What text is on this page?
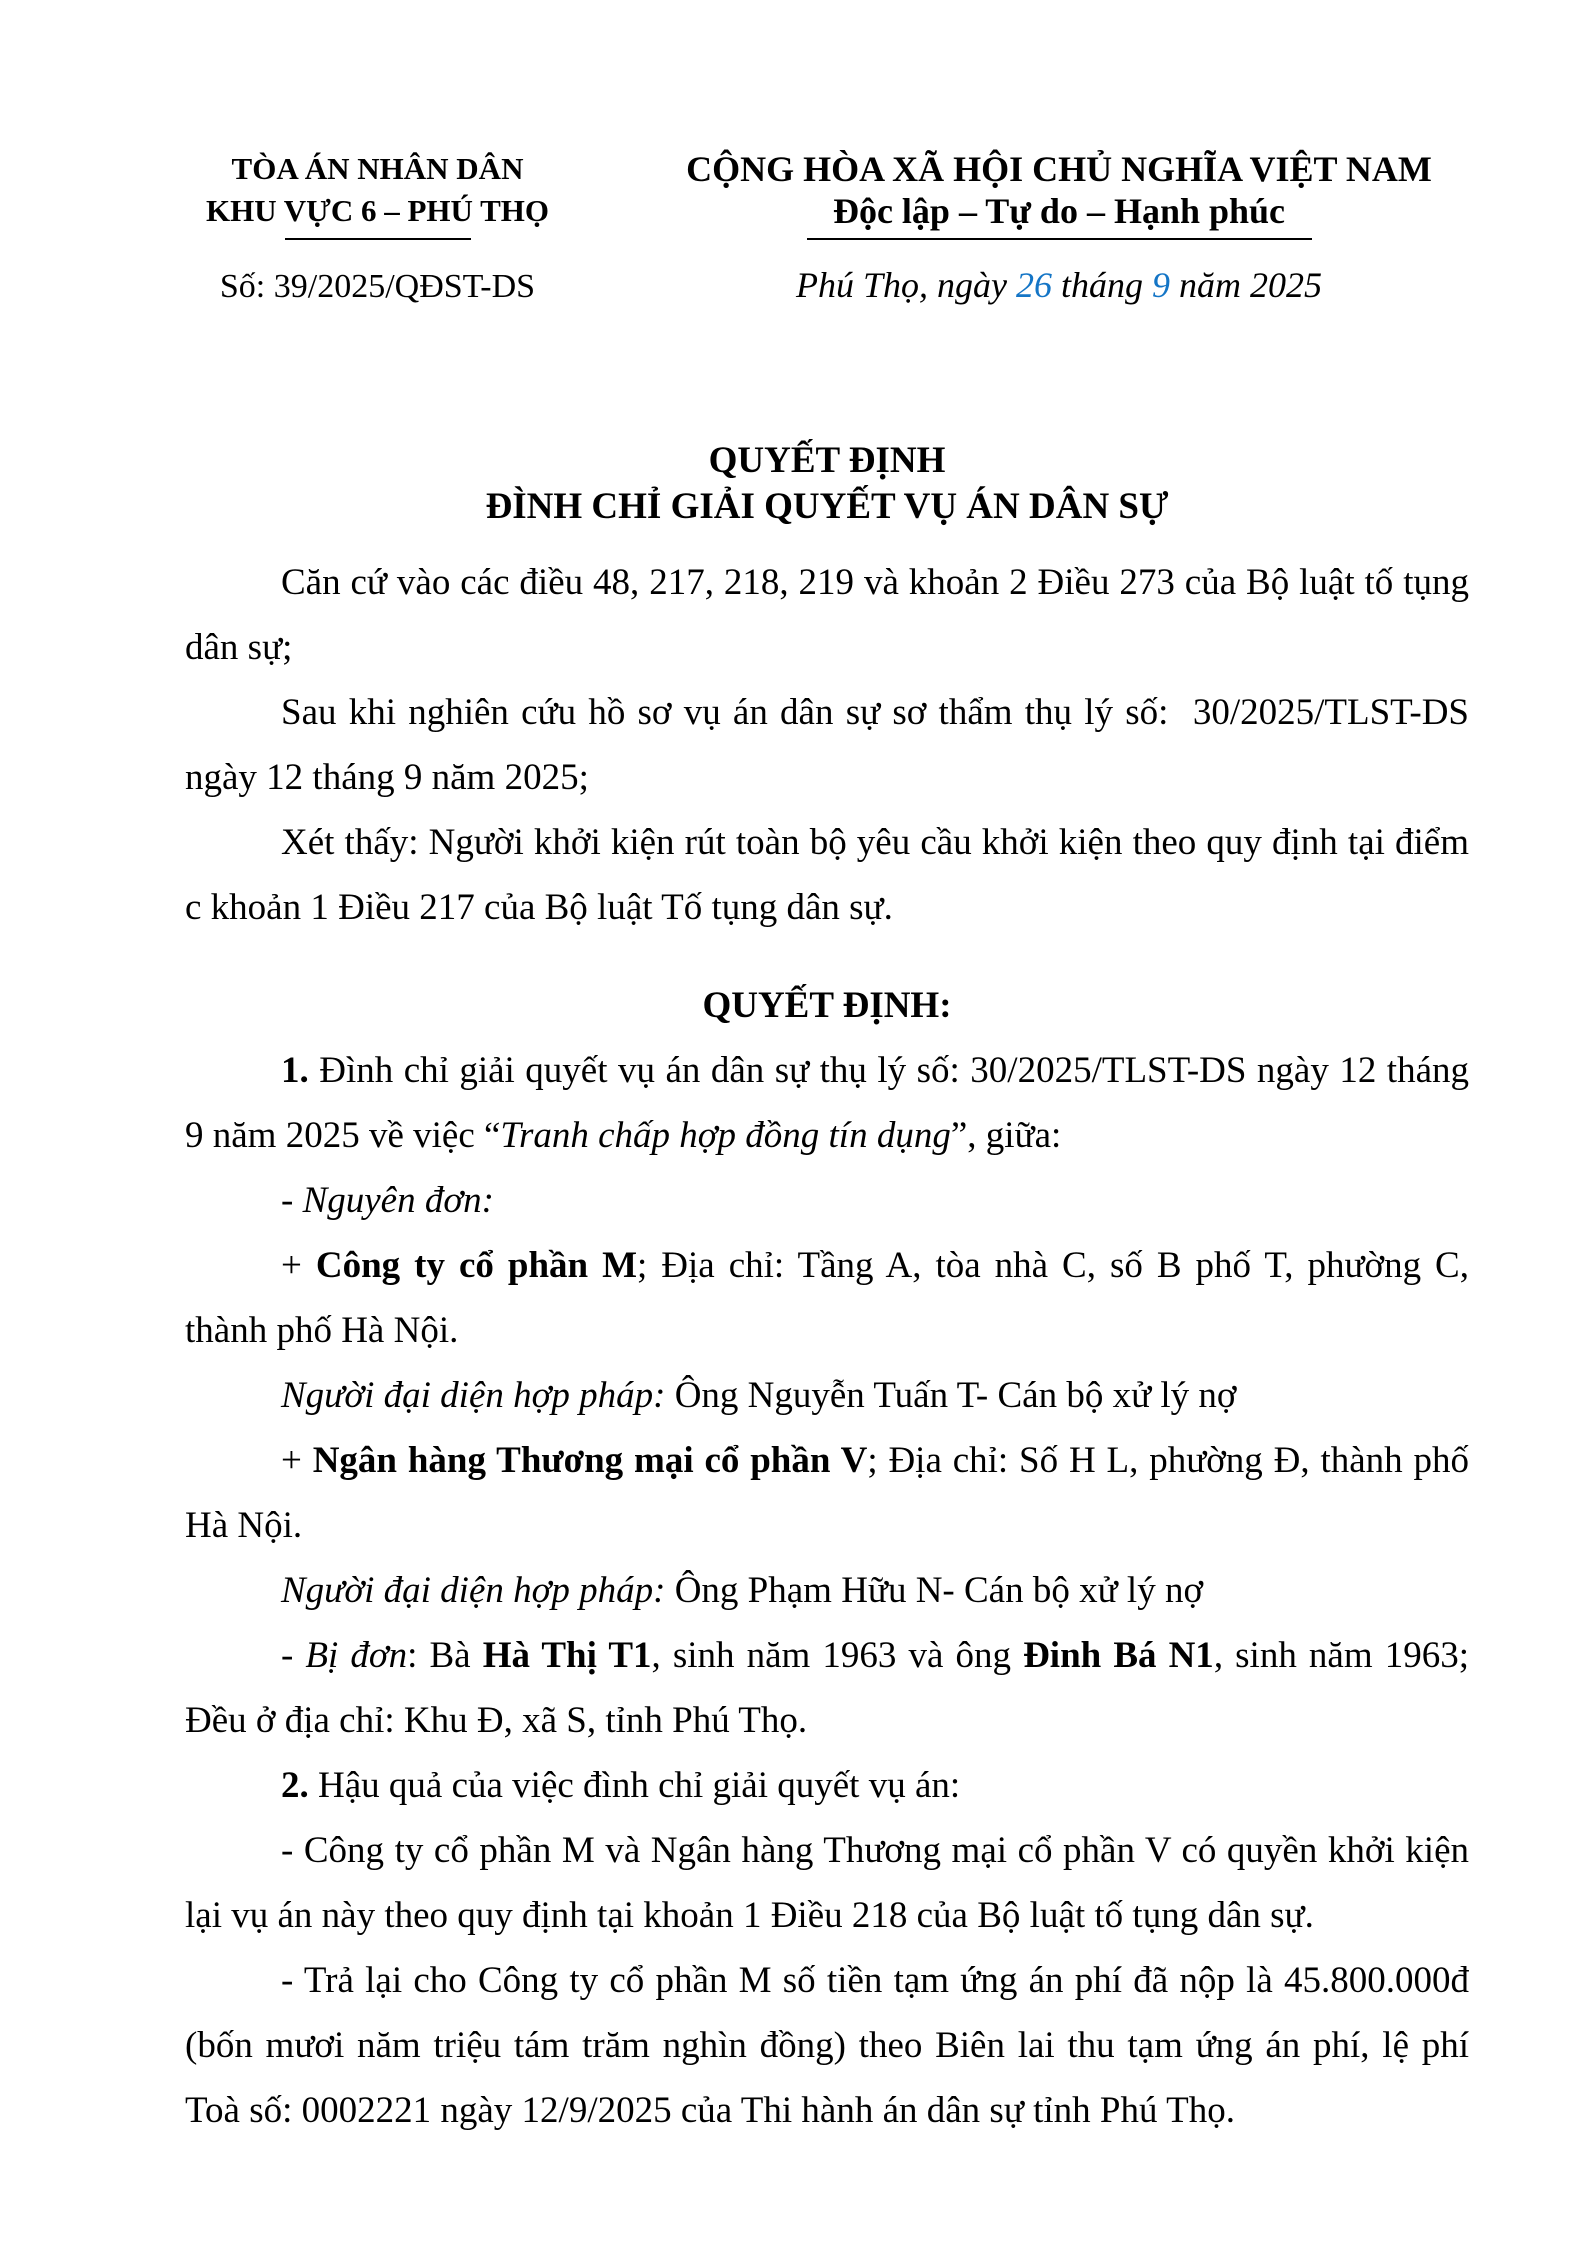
TÒA ÁN NHÂN DÂN
KHU VỰC 6 – PHÚ THỌ
Số: 39/2025/QĐST-DS
CỘNG HÒA XÃ HỘI CHỦ NGHĨA VIỆT NAM
Độc lập – Tự do – Hạnh phúc
Phú Thọ, ngày 26 tháng 9 năm 2025
QUYẾT ĐỊNH
ĐÌNH CHỈ GIẢI QUYẾT VỤ ÁN DÂN SỰ

Căn cứ vào các điều 48, 217, 218, 219 và khoản 2 Điều 273 của Bộ luật tố tụng dân sự;

Sau khi nghiên cứu hồ sơ vụ án dân sự sơ thẩm thụ lý số:  30/2025/TLST-DS ngày 12 tháng 9 năm 2025;

Xét thấy: Người khởi kiện rút toàn bộ yêu cầu khởi kiện theo quy định tại điểm c khoản 1 Điều 217 của Bộ luật Tố tụng dân sự.

QUYẾT ĐỊNH:

1. Đình chỉ giải quyết vụ án dân sự thụ lý số: 30/2025/TLST-DS ngày 12 tháng 9 năm 2025 về việc “Tranh chấp hợp đồng tín dụng”, giữa:

- Nguyên đơn:

+ Công ty cổ phần M; Địa chỉ: Tầng A, tòa nhà C, số B phố T, phường C, thành phố Hà Nội.

Người đại diện hợp pháp: Ông Nguyễn Tuấn T- Cán bộ xử lý nợ

+ Ngân hàng Thương mại cổ phần V; Địa chỉ: Số H L, phường Đ, thành phố Hà Nội.

Người đại diện hợp pháp: Ông Phạm Hữu N- Cán bộ xử lý nợ

- Bị đơn: Bà Hà Thị T1, sinh năm 1963 và ông Đinh Bá N1, sinh năm 1963; Đều ở địa chỉ: Khu Đ, xã S, tỉnh Phú Thọ.

2. Hậu quả của việc đình chỉ giải quyết vụ án:

- Công ty cổ phần M và Ngân hàng Thương mại cổ phần V có quyền khởi kiện lại vụ án này theo quy định tại khoản 1 Điều 218 của Bộ luật tố tụng dân sự.

- Trả lại cho Công ty cổ phần M số tiền tạm ứng án phí đã nộp là 45.800.000đ (bốn mươi năm triệu tám trăm nghìn đồng) theo Biên lai thu tạm ứng án phí, lệ phí Toà số: 0002221 ngày 12/9/2025 của Thi hành án dân sự tỉnh Phú Thọ.
